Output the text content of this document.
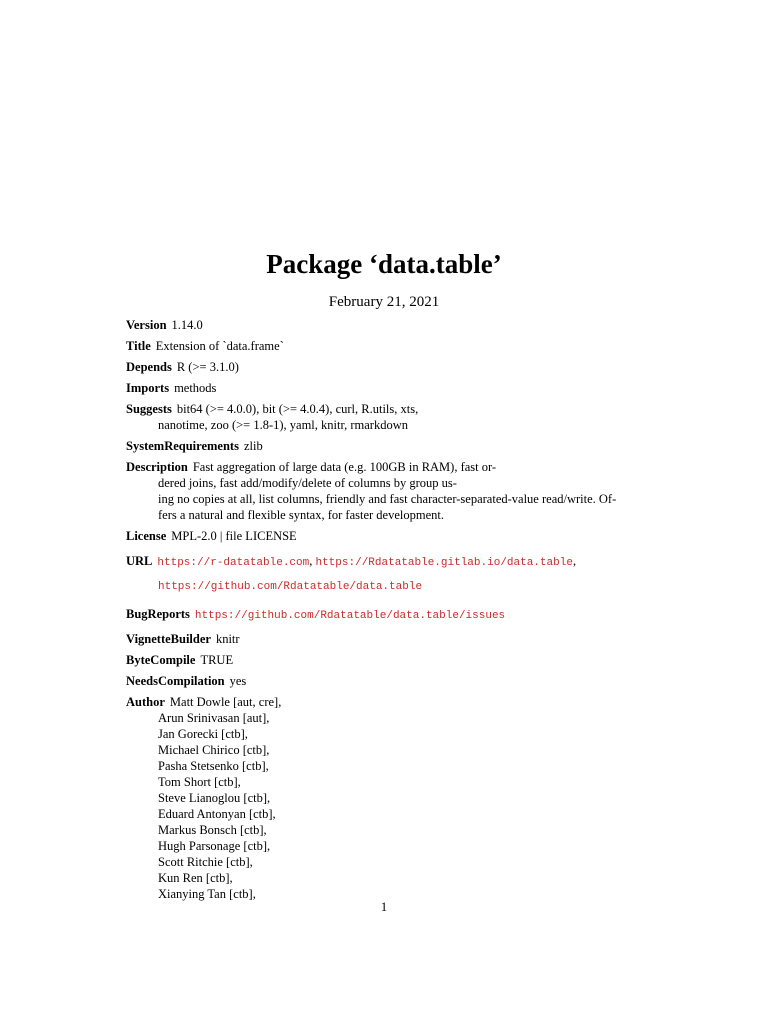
Package ‘data.table’
February 21, 2021
Version 1.14.0
Title Extension of `data.frame`
Depends R (>= 3.1.0)
Imports methods
Suggests bit64 (>= 4.0.0), bit (>= 4.0.4), curl, R.utils, xts,
nanotime, zoo (>= 1.8-1), yaml, knitr, rmarkdown
SystemRequirements zlib
Description Fast aggregation of large data (e.g. 100GB in RAM), fast or-
dered joins, fast add/modify/delete of columns by group us-
ing no copies at all, list columns, friendly and fast character-separated-value read/write. Of-
fers a natural and flexible syntax, for faster development.
License MPL-2.0 | file LICENSE
URL https://r-datatable.com, https://Rdatatable.gitlab.io/data.table,
https://github.com/Rdatatable/data.table
BugReports https://github.com/Rdatatable/data.table/issues
VignetteBuilder knitr
ByteCompile TRUE
NeedsCompilation yes
Author Matt Dowle [aut, cre],
Arun Srinivasan [aut],
Jan Gorecki [ctb],
Michael Chirico [ctb],
Pasha Stetsenko [ctb],
Tom Short [ctb],
Steve Lianoglou [ctb],
Eduard Antonyan [ctb],
Markus Bonsch [ctb],
Hugh Parsonage [ctb],
Scott Ritchie [ctb],
Kun Ren [ctb],
Xianying Tan [ctb],
1
